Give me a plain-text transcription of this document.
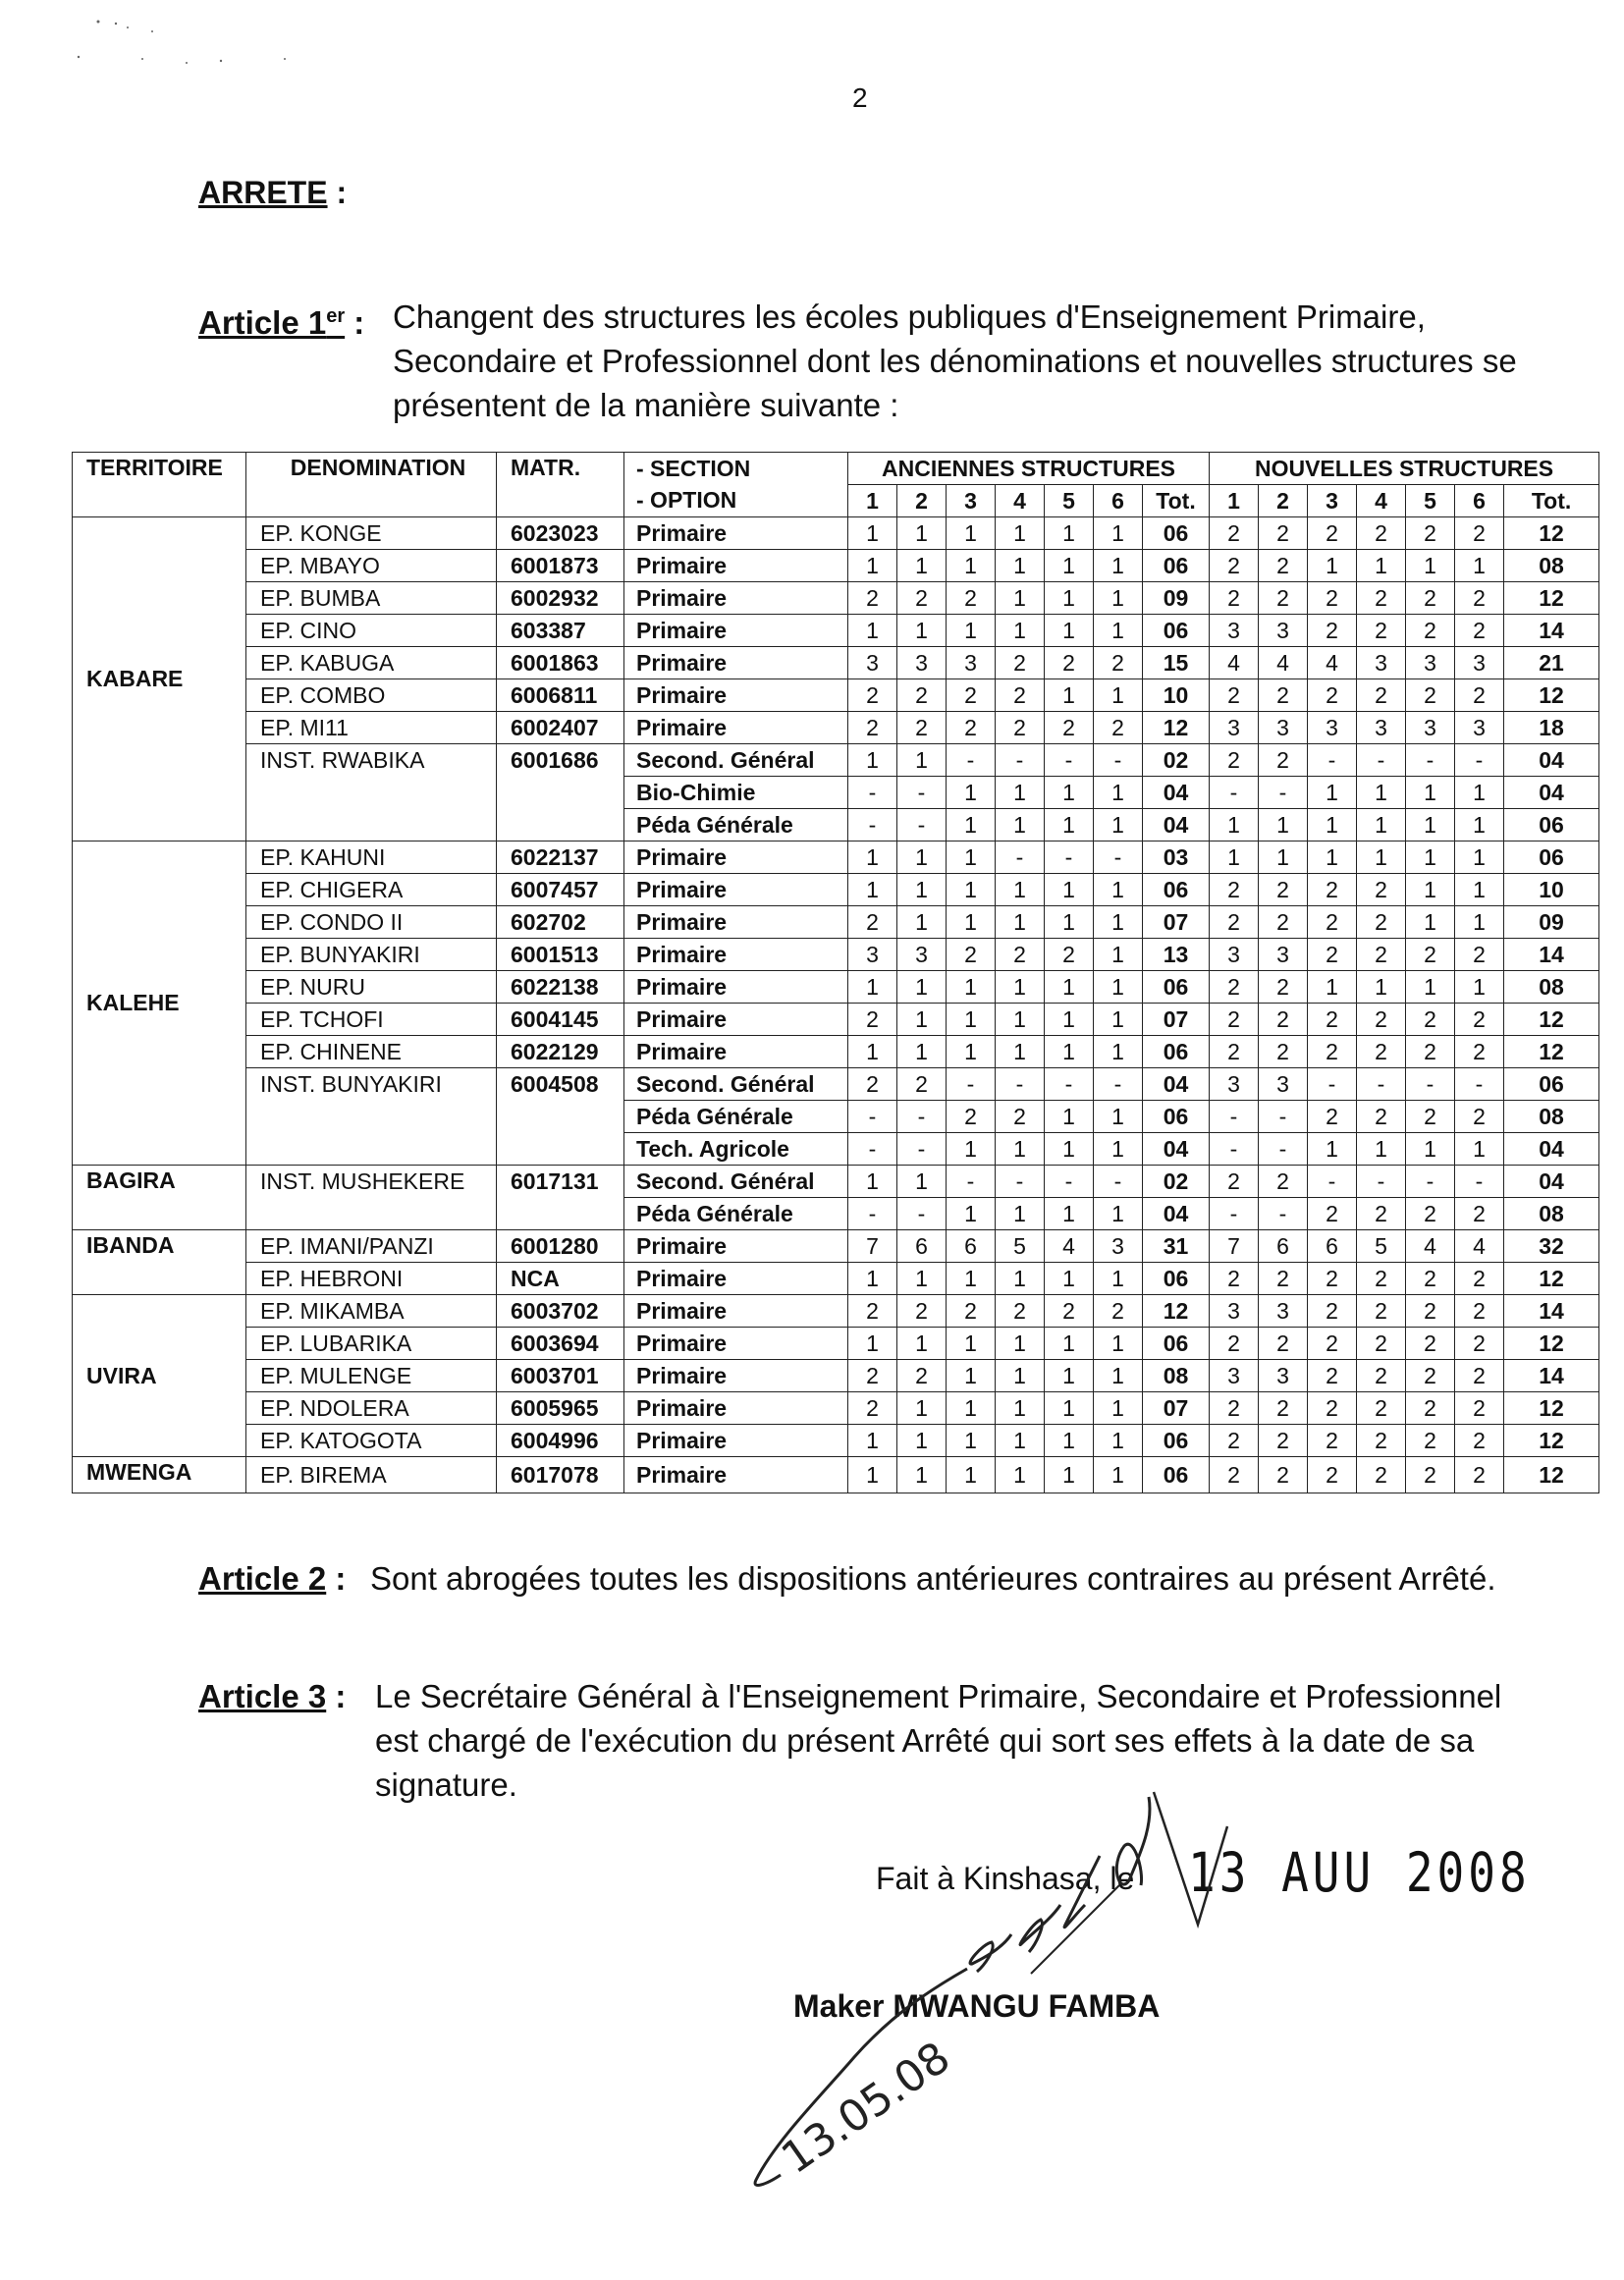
2
ARRETE :
Article 1er : Changent des structures les écoles publiques d'Enseignement Primaire, Secondaire et Professionnel dont les dénominations et nouvelles structures se présentent de la manière suivante :
TERRITOIRE	DENOMINATION	MATR.	- SECTION	ANCIENNES STRUCTURES							NOUVELLES STRUCTURES						
			- OPTION	1	2	3	4	5	6	Tot.	1	2	3	4	5	6	Tot.
KABARE	EP. KONGE	6023023	Primaire	1	1	1	1	1	1	06	2	2	2	2	2	2	12
	EP. MBAYO	6001873	Primaire	1	1	1	1	1	1	06	2	2	1	1	1	1	08
	EP. BUMBA	6002932	Primaire	2	2	2	1	1	1	09	2	2	2	2	2	2	12
	EP. CINO	603387	Primaire	1	1	1	1	1	1	06	3	3	2	2	2	2	14
	EP. KABUGA	6001863	Primaire	3	3	3	2	2	2	15	4	4	4	3	3	3	21
	EP. COMBO	6006811	Primaire	2	2	2	2	1	1	10	2	2	2	2	2	2	12
	EP. MI11	6002407	Primaire	2	2	2	2	2	2	12	3	3	3	3	3	3	18
	INST. RWABIKA	6001686	Second. Général	1	1	-	-	-	-	02	2	2	-	-	-	-	04
			Bio-Chimie	-	-	1	1	1	1	04	-	-	1	1	1	1	04
			Péda Générale	-	-	1	1	1	1	04	1	1	1	1	1	1	06
KALEHE	EP. KAHUNI	6022137	Primaire	1	1	1	-	-	-	03	1	1	1	1	1	1	06
	EP. CHIGERA	6007457	Primaire	1	1	1	1	1	1	06	2	2	2	2	1	1	10
	EP. CONDO II	602702	Primaire	2	1	1	1	1	1	07	2	2	2	2	1	1	09
	EP. BUNYAKIRI	6001513	Primaire	3	3	2	2	2	1	13	3	3	2	2	2	2	14
	EP. NURU	6022138	Primaire	1	1	1	1	1	1	06	2	2	1	1	1	1	08
	EP. TCHOFI	6004145	Primaire	2	1	1	1	1	1	07	2	2	2	2	2	2	12
	EP. CHINENE	6022129	Primaire	1	1	1	1	1	1	06	2	2	2	2	2	2	12
	INST. BUNYAKIRI	6004508	Second. Général	2	2	-	-	-	-	04	3	3	-	-	-	-	06
			Péda Générale	-	-	2	2	1	1	06	-	-	2	2	2	2	08
			Tech. Agricole	-	-	1	1	1	1	04	-	-	1	1	1	1	04
BAGIRA	INST. MUSHEKERE	6017131	Second. Général	1	1	-	-	-	-	02	2	2	-	-	-	-	04
			Péda Générale	-	-	1	1	1	1	04	-	-	2	2	2	2	08
IBANDA	EP. IMANI/PANZI	6001280	Primaire	7	6	6	5	4	3	31	7	6	6	5	4	4	32
	EP. HEBRONI	NCA	Primaire	1	1	1	1	1	1	06	2	2	2	2	2	2	12
UVIRA	EP. MIKAMBA	6003702	Primaire	2	2	2	2	2	2	12	3	3	2	2	2	2	14
	EP. LUBARIKA	6003694	Primaire	1	1	1	1	1	1	06	2	2	2	2	2	2	12
	EP. MULENGE	6003701	Primaire	2	2	1	1	1	1	08	3	3	2	2	2	2	14
	EP. NDOLERA	6005965	Primaire	2	1	1	1	1	1	07	2	2	2	2	2	2	12
	EP. KATOGOTA	6004996	Primaire	1	1	1	1	1	1	06	2	2	2	2	2	2	12
MWENGA	EP. BIREMA	6017078	Primaire	1	1	1	1	1	1	06	2	2	2	2	2	2	12
Article 2 : Sont abrogées toutes les dispositions antérieures contraires au présent Arrêté.
Article 3 : Le Secrétaire Général à l'Enseignement Primaire, Secondaire et Professionnel est chargé de l'exécution du présent Arrêté qui sort ses effets à la date de sa signature.
Fait à Kinshasa, le 13 AUU 2008
Maker MWANGU FAMBA
13.05.08
